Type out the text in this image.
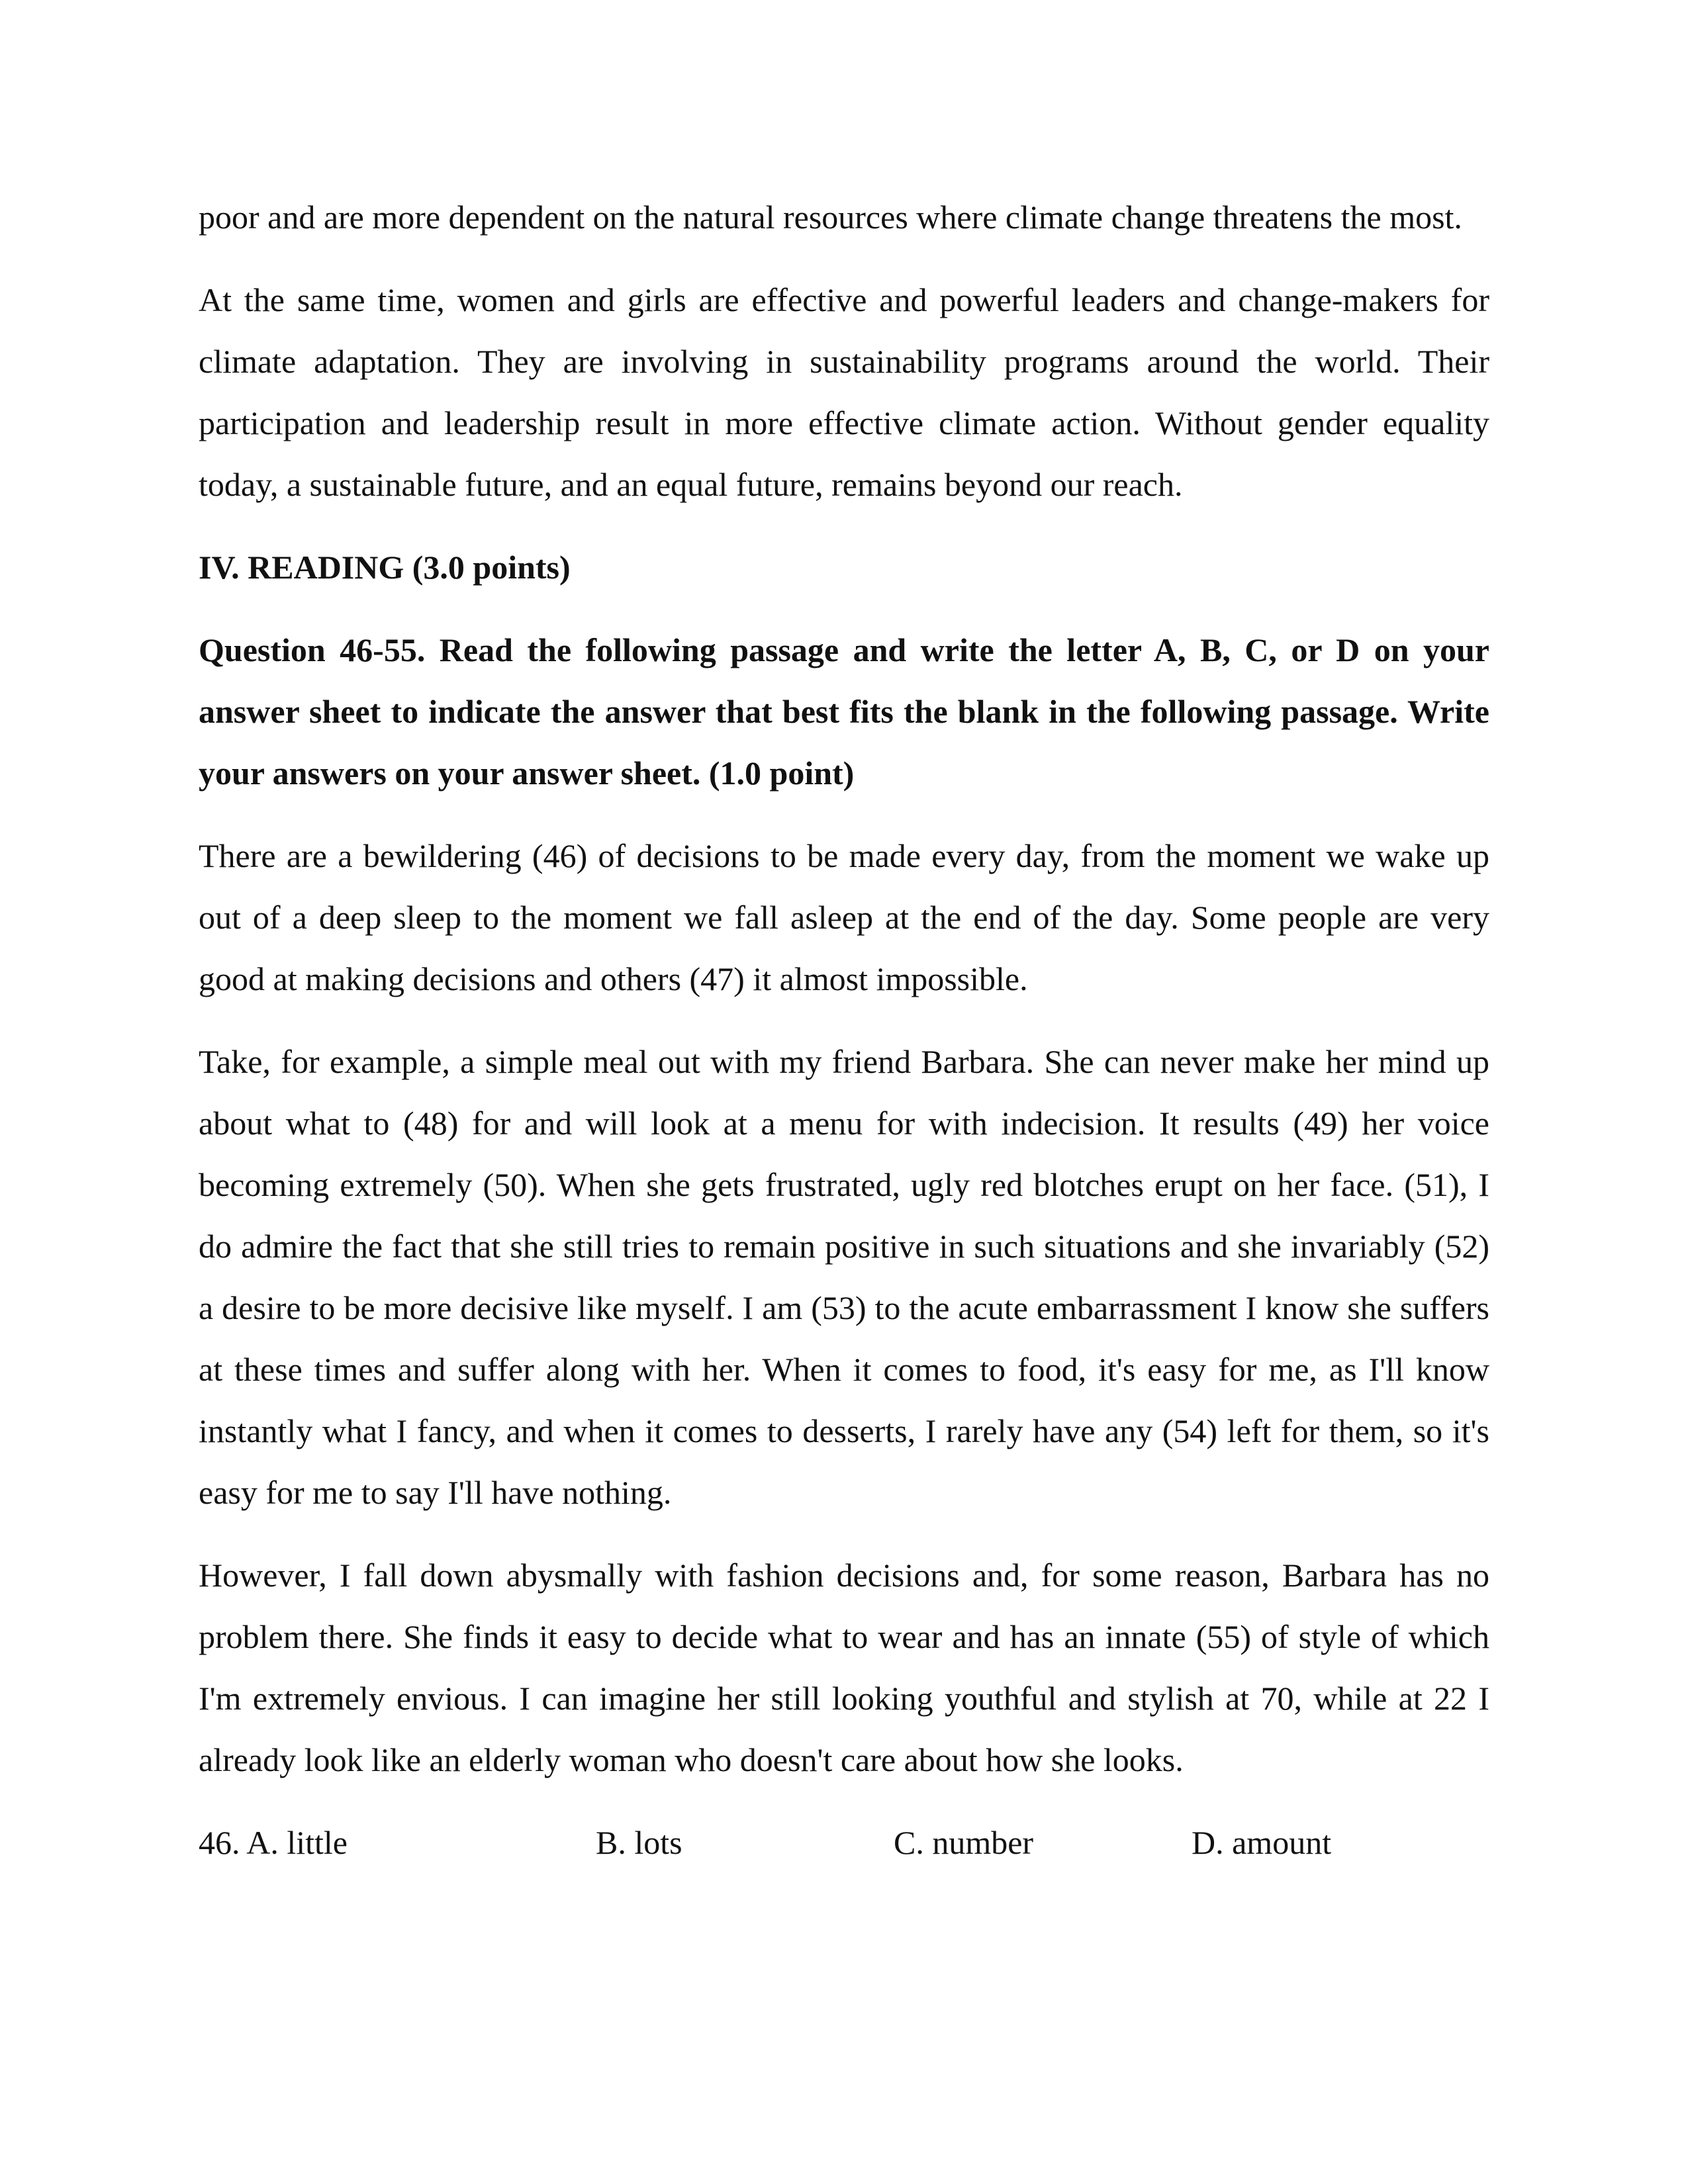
poor and are more dependent on the natural resources where climate change threatens the most.

At the same time, women and girls are effective and powerful leaders and change-makers for climate adaptation. They are involving in sustainability programs around the world. Their participation and leadership result in more effective climate action. Without gender equality today, a sustainable future, and an equal future, remains beyond our reach.

IV. READING (3.0 points)

Question 46-55. Read the following passage and write the letter A, B, C, or D on your answer sheet to indicate the answer that best fits the blank in the following passage. Write your answers on your answer sheet. (1.0 point)

There are a bewildering (46) of decisions to be made every day, from the moment we wake up out of a deep sleep to the moment we fall asleep at the end of the day. Some people are very good at making decisions and others (47) it almost impossible.

Take, for example, a simple meal out with my friend Barbara. She can never make her mind up about what to (48) for and will look at a menu for with indecision. It results (49) her voice becoming extremely (50). When she gets frustrated, ugly red blotches erupt on her face. (51), I do admire the fact that she still tries to remain positive in such situations and she invariably (52) a desire to be more decisive like myself. I am (53) to the acute embarrassment I know she suffers at these times and suffer along with her. When it comes to food, it's easy for me, as I'll know instantly what I fancy, and when it comes to desserts, I rarely have any (54) left for them, so it's easy for me to say I'll have nothing.

However, I fall down abysmally with fashion decisions and, for some reason, Barbara has no problem there. She finds it easy to decide what to wear and has an innate (55) of style of which I'm extremely envious. I can imagine her still looking youthful and stylish at 70, while at 22 I already look like an elderly woman who doesn't care about how she looks.

46. A. little	B. lots	C. number	D. amount
